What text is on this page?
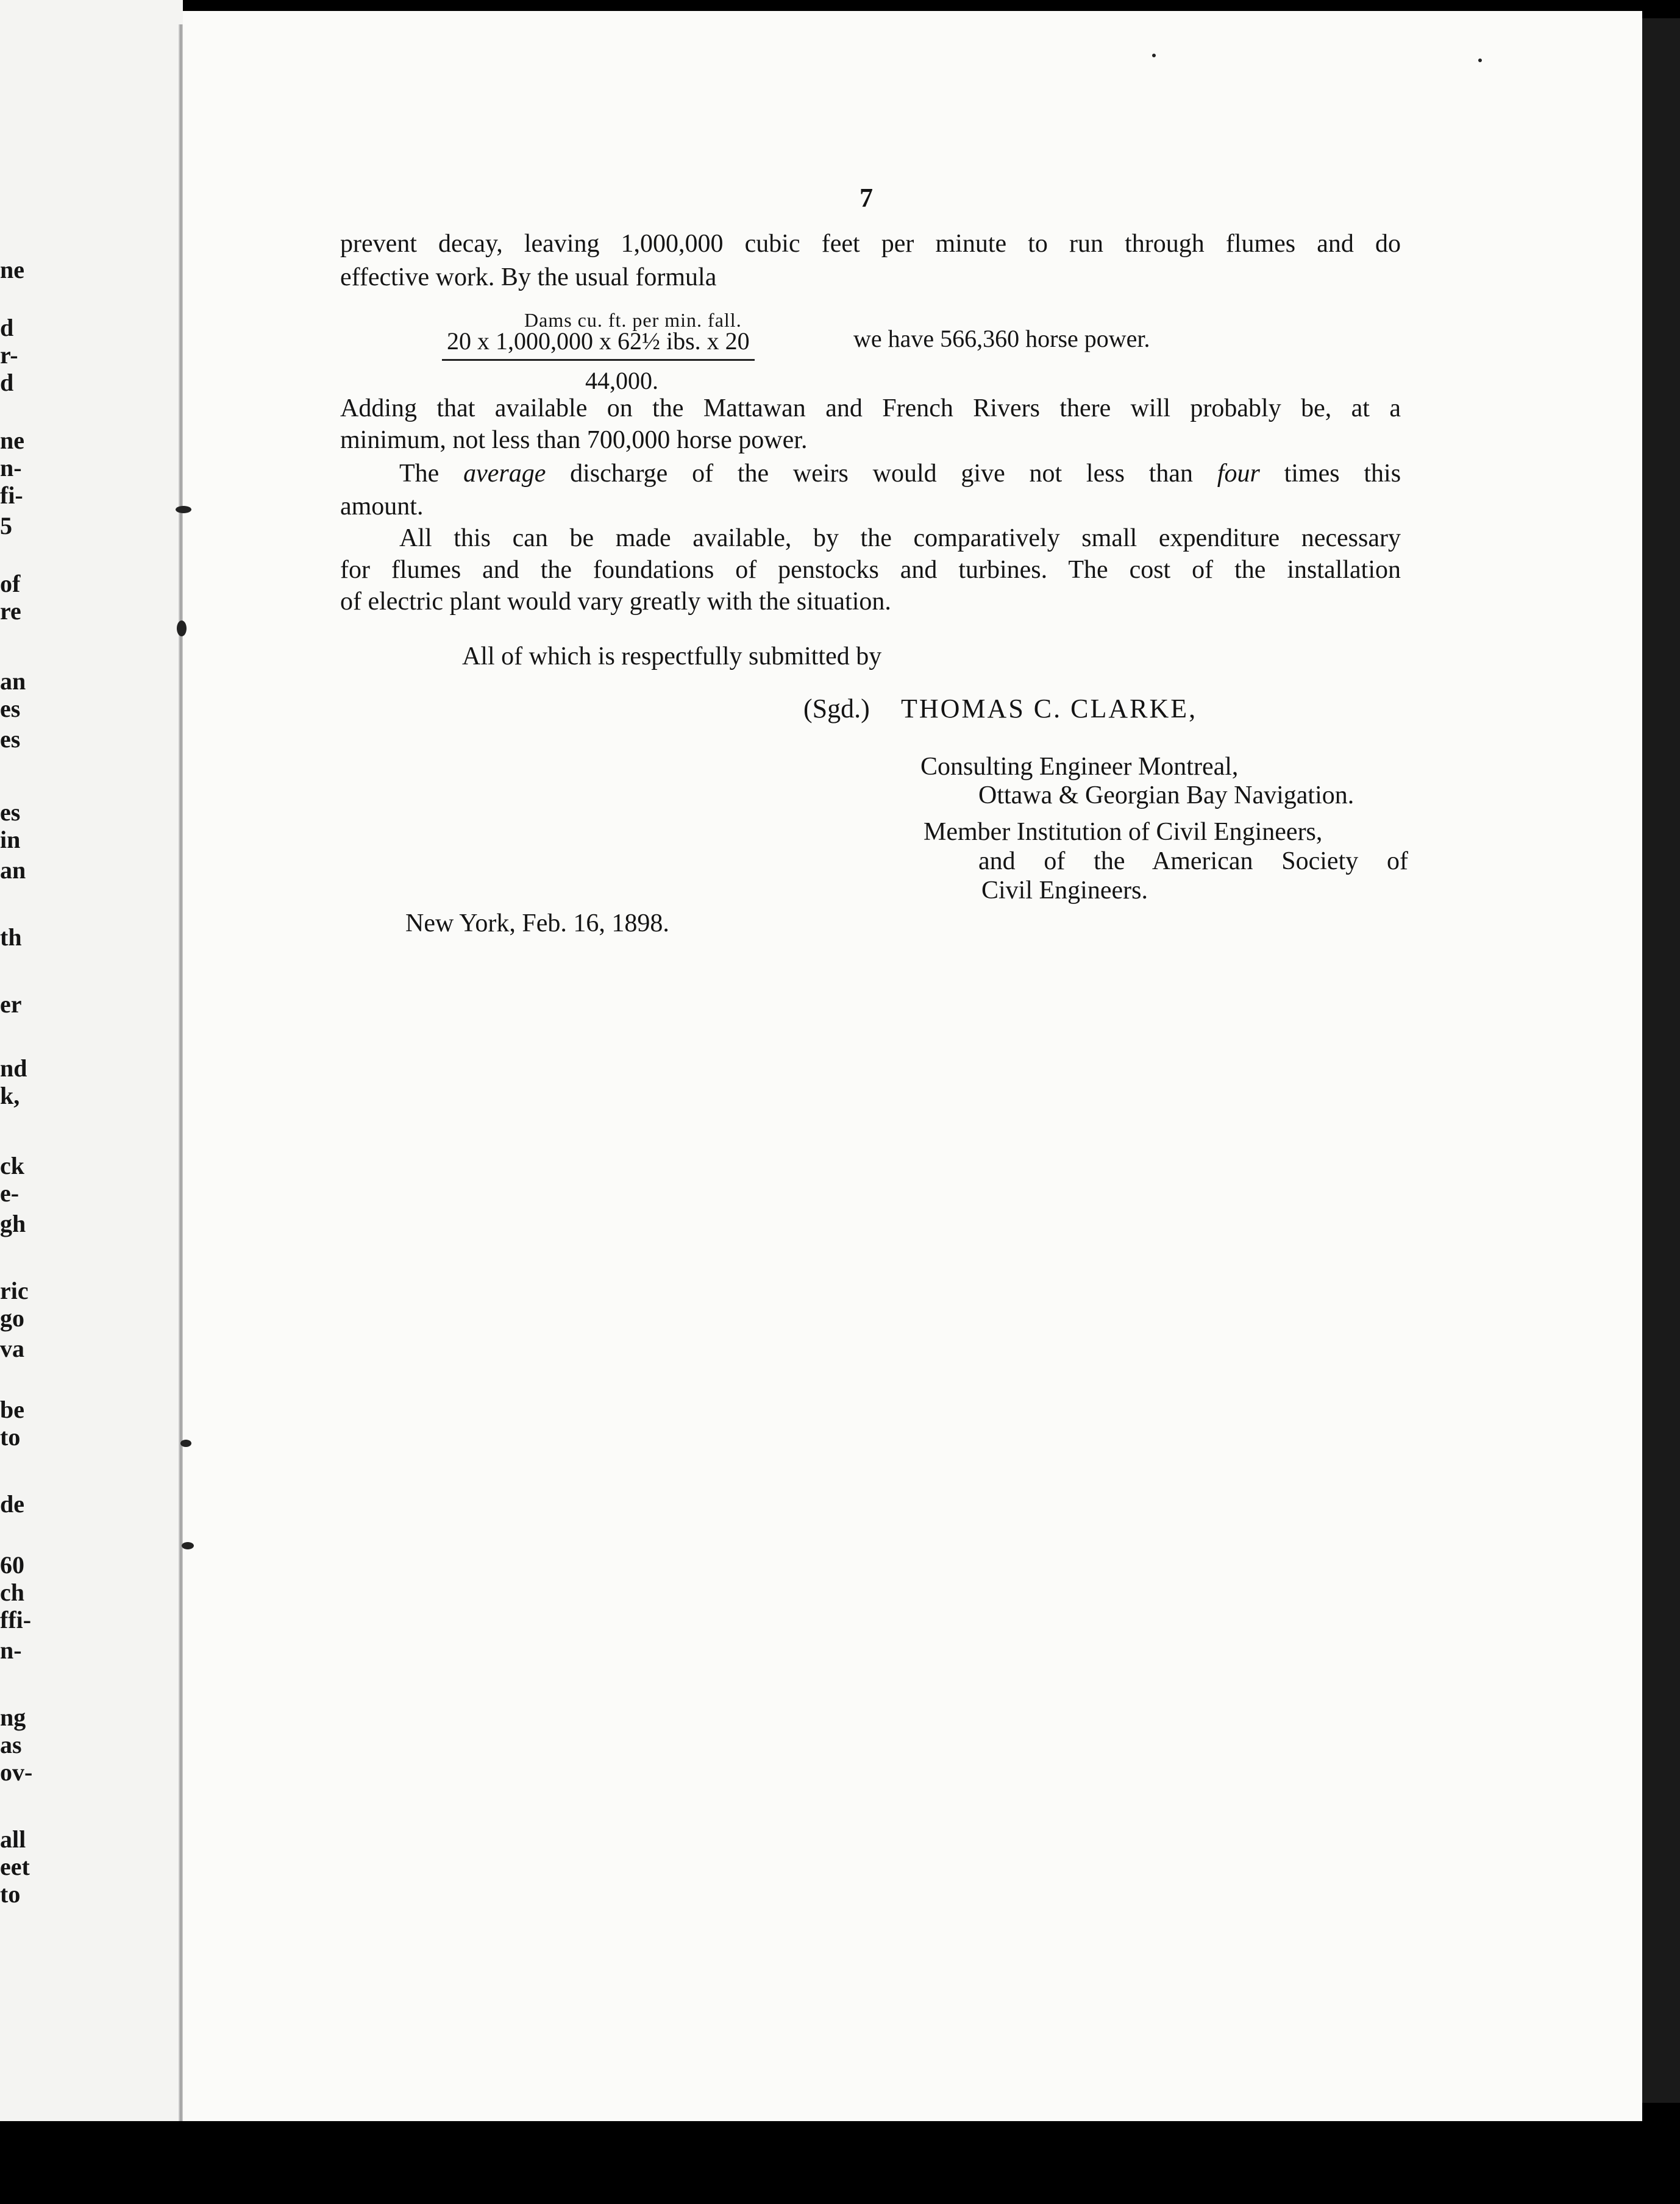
ne
d
r-
d
ne
n-
fi-
5
of
re
an
es
es
es
in
an
th
er
nd
k,
ck
e-
gh
ric
go
va
be
to
de
60
ch
ffi-
n-
ng
as
ov-
all
eet
to
7
prevent decay, leaving 1,000,000 cubic feet per minute to run through flumes and do
effective work. By the usual formula
Dams cu. ft. per min. fall.
20 x 1,000,000 x 62½ ibs. x 20	we have 566,360 horse power.
44,000.
Adding that available on the Mattawan and French Rivers there will probably be, at a
minimum, not less than 700,000 horse power.
The average discharge of the weirs would give not less than four times this
amount.
All this can be made available, by the comparatively small expenditure necessary
for flumes and the foundations of penstocks and turbines. The cost of the installation
of electric plant would vary greatly with the situation.
All of which is respectfully submitted by
(Sgd.) THOMAS C. CLARKE,
Consulting Engineer Montreal,
Ottawa & Georgian Bay Navigation.
Member Institution of Civil Engineers,
and of the American Society of
Civil Engineers.
New York, Feb. 16, 1898.
